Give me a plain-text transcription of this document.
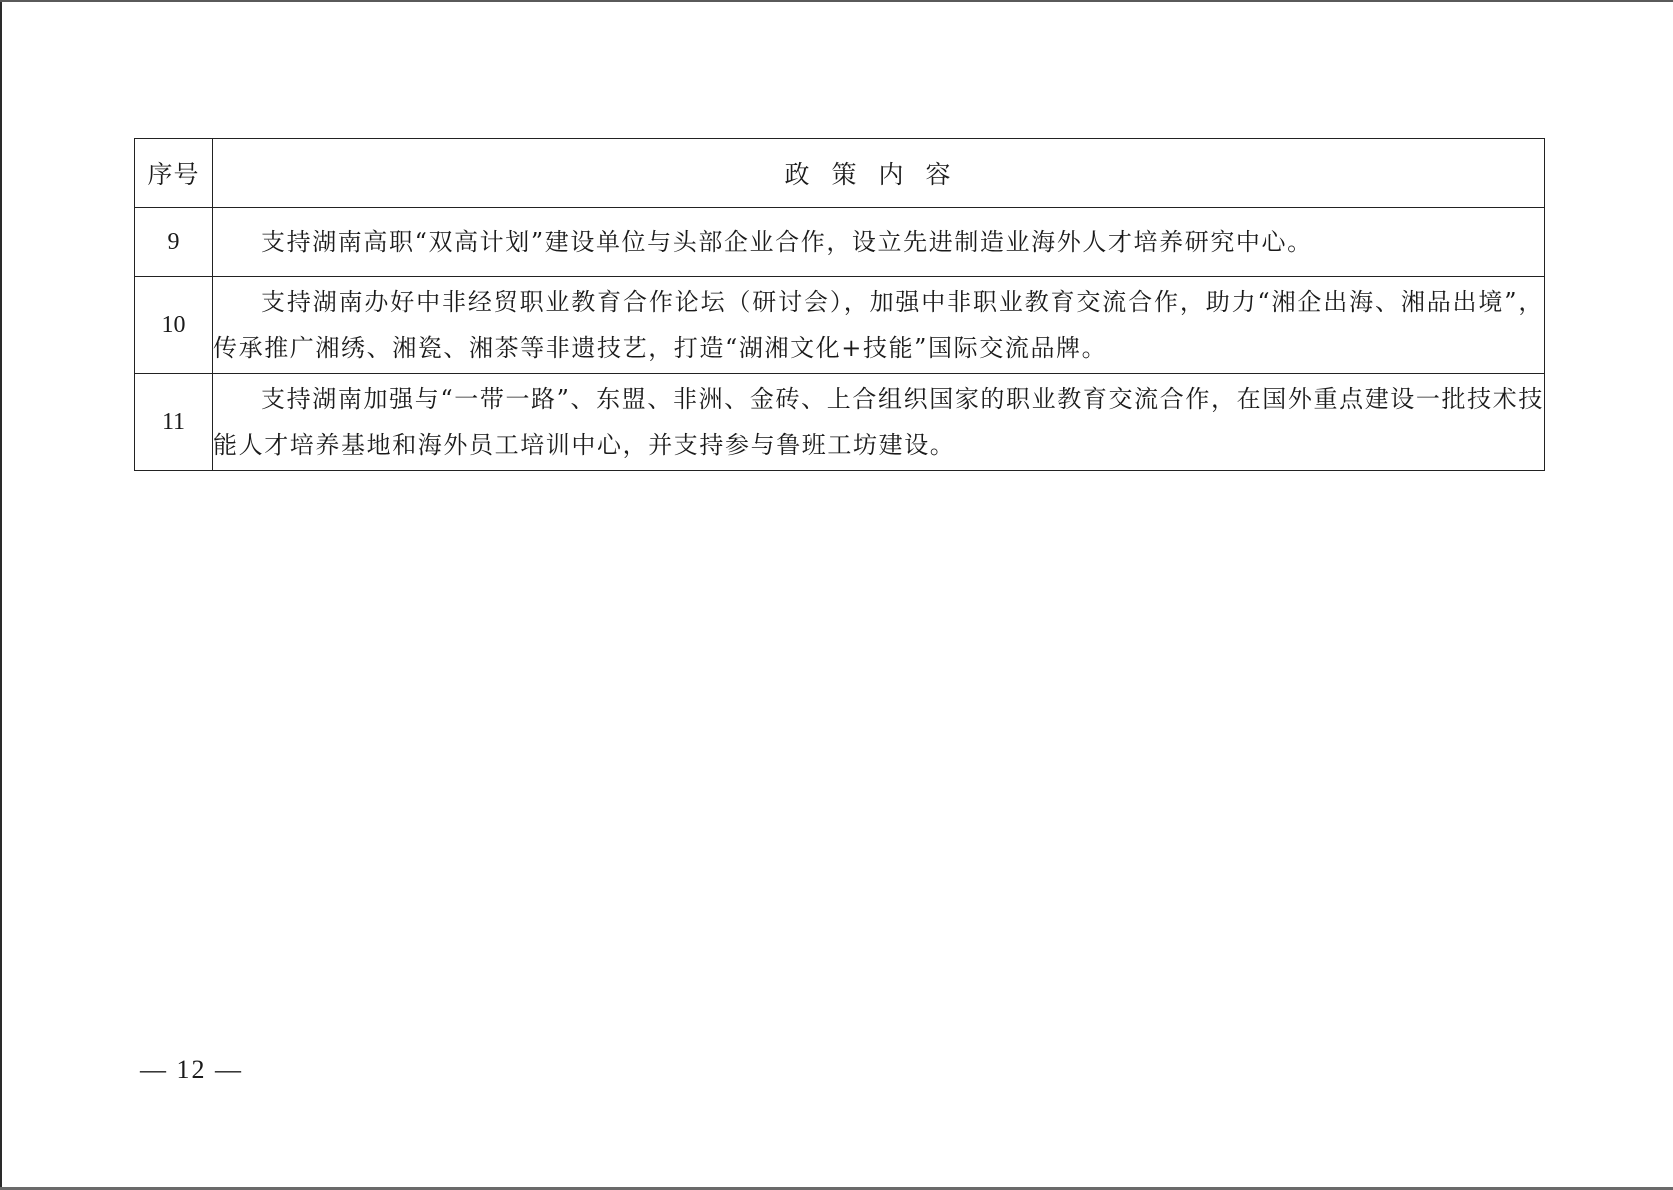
序号	政策内容
9	支持湖南高职“双高计划”建设单位与头部企业合作，设立先进制造业海外人才培养研究中心。
10	支持湖南办好中非经贸职业教育合作论坛（研讨会），加强中非职业教育交流合作，助力“湘企出海、湘品出境”，传承推广湘绣、湘瓷、湘茶等非遗技艺，打造“湖湘文化+技能”国际交流品牌。
11	支持湖南加强与“一带一路”、东盟、非洲、金砖、上合组织国家的职业教育交流合作，在国外重点建设一批技术技能人才培养基地和海外员工培训中心，并支持参与鲁班工坊建设。
— 12 —
